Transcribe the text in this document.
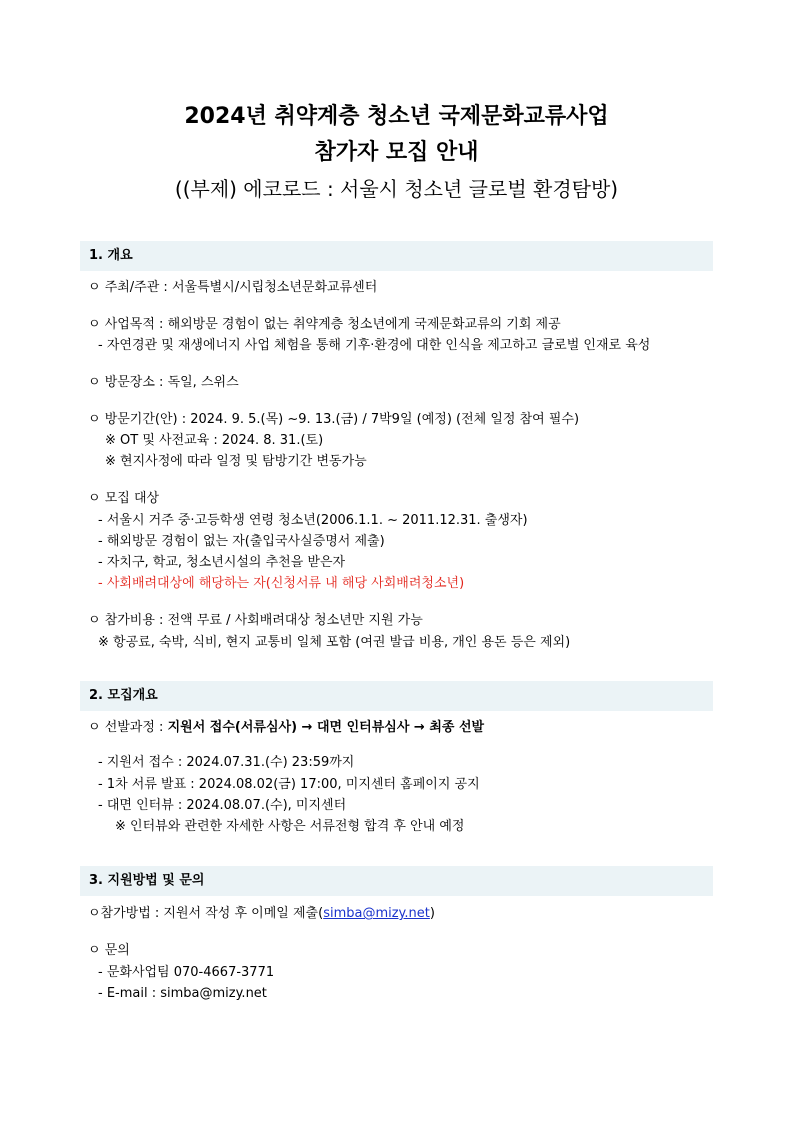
2024년 취약계층 청소년 국제문화교류사업
참가자 모집 안내
((부제) 에코로드 : 서울시 청소년 글로벌 환경탐방)
1. 개요
ㅇ 주최/주관 : 서울특별시/시립청소년문화교류센터
ㅇ 사업목적 : 해외방문 경험이 없는 취약계층 청소년에게 국제문화교류의 기회 제공
- 자연경관 및 재생에너지 사업 체험을 통해 기후·환경에 대한 인식을 제고하고 글로벌 인재로 육성
ㅇ 방문장소 : 독일, 스위스
ㅇ 방문기간(안) : 2024. 9. 5.(목) ~9. 13.(금) / 7박9일 (예정) (전체 일정 참여 필수)
※ OT 및 사전교육 : 2024. 8. 31.(토)
※ 현지사정에 따라 일정 및 탐방기간 변동가능
ㅇ 모집 대상
- 서울시 거주 중·고등학생 연령 청소년(2006.1.1. ~ 2011.12.31. 출생자)
- 해외방문 경험이 없는 자(출입국사실증명서 제출)
- 자치구, 학교, 청소년시설의 추천을 받은자
- 사회배려대상에 해당하는 자(신청서류 내 해당 사회배려청소년)
ㅇ 참가비용 : 전액 무료 / 사회배려대상 청소년만 지원 가능
※ 항공료, 숙박, 식비, 현지 교통비 일체 포함 (여권 발급 비용, 개인 용돈 등은 제외)
2. 모집개요
ㅇ 선발과정 : 지원서 접수(서류심사) → 대면 인터뷰심사 → 최종 선발
- 지원서 접수 : 2024.07.31.(수) 23:59까지
- 1차 서류 발표 : 2024.08.02(금) 17:00, 미지센터 홈페이지 공지
- 대면 인터뷰 : 2024.08.07.(수), 미지센터
※ 인터뷰와 관련한 자세한 사항은 서류전형 합격 후 안내 예정
3. 지원방법 및 문의
ㅇ참가방법 : 지원서 작성 후 이메일 제출(simba@mizy.net)
ㅇ 문의
- 문화사업팀 070-4667-3771
- E-mail : simba@mizy.net
